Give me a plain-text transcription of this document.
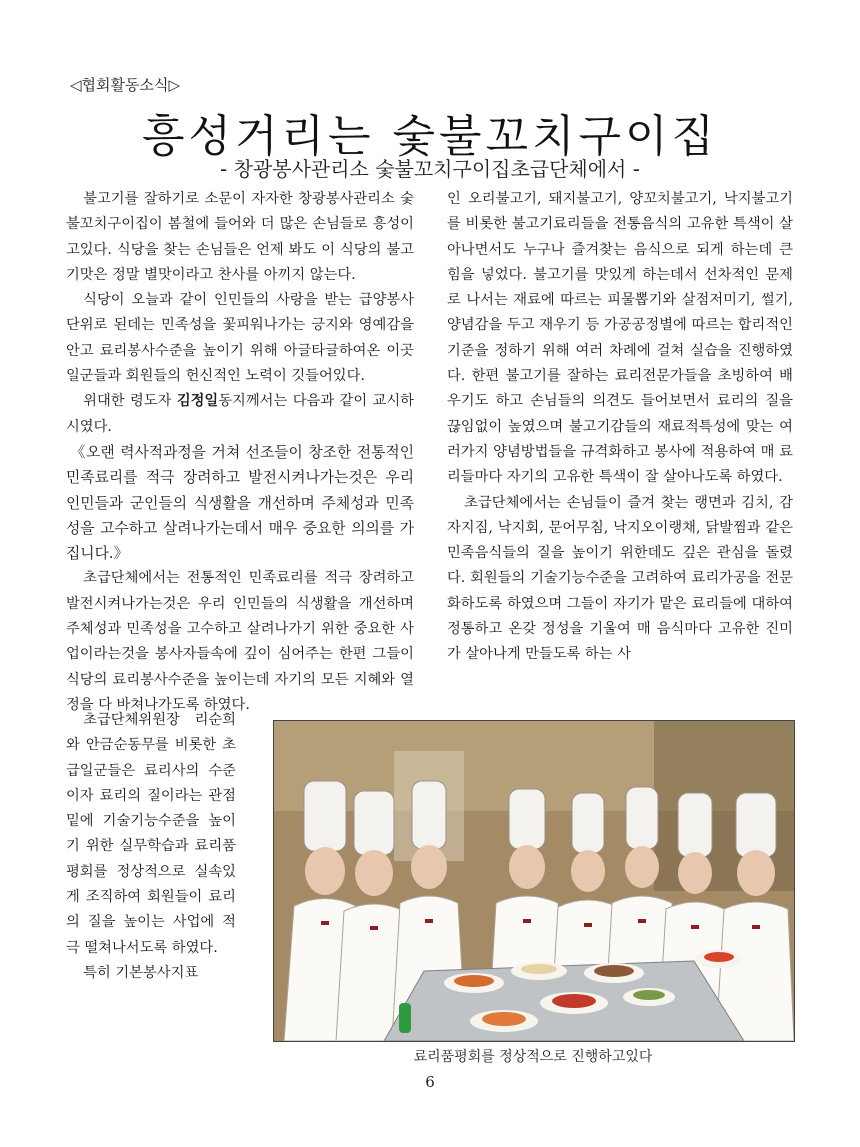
◁협회활동소식▷
흥성거리는 숯불꼬치구이집
- 창광봉사관리소 숯불꼬치구이집초급단체에서 -

불고기를 잘하기로 소문이 자자한 창광봉사관리소 숯불꼬치구이집이 봄철에 들어와 더 많은 손님들로 흥성이고있다. 식당을 찾는 손님들은 언제 봐도 이 식당의 불고기맛은 정말 별맛이라고 찬사를 아끼지 않는다.

식당이 오늘과 같이 인민들의 사랑을 받는 급양봉사단위로 된데는 민족성을 꽃피워나가는 긍지와 영예감을 안고 료리봉사수준을 높이기 위해 아글타글하여온 이곳 일군들과 회원들의 헌신적인 노력이 깃들어있다.

위대한 령도자 김정일동지께서는 다음과 같이 교시하시였다.

《오랜 력사적과정을 거쳐 선조들이 창조한 전통적인 민족료리를 적극 장려하고 발전시켜나가는것은 우리 인민들과 군인들의 식생활을 개선하며 주체성과 민족성을 고수하고 살려나가는데서 매우 중요한 의의를 가집니다.》

초급단체에서는 전통적인 민족료리를 적극 장려하고 발전시켜나가는것은 우리 인민들의 식생활을 개선하며 주체성과 민족성을 고수하고 살려나가기 위한 중요한 사업이라는것을 봉사자들속에 깊이 심어주는 한편 그들이 식당의 료리봉사수준을 높이는데 자기의 모든 지혜와 열정을 다 바쳐나가도록 하였다.

초급단체위원장 리순희와 안금순동무를 비롯한 초급일군들은 료리사의 수준이자 료리의 질이라는 관점밑에 기술기능수준을 높이기 위한 실무학습과 료리품평회를 정상적으로 실속있게 조직하여 회원들이 료리의 질을 높이는 사업에 적극 떨쳐나서도록 하였다.

특히 기본봉사지표

인 오리불고기, 돼지불고기, 양꼬치불고기, 낙지불고기를 비롯한 불고기료리들을 전통음식의 고유한 특색이 살아나면서도 누구나 즐겨찾는 음식으로 되게 하는데 큰 힘을 넣었다. 불고기를 맛있게 하는데서 선차적인 문제로 나서는 재료에 따르는 피물뽑기와 살점저미기, 썰기, 양념감을 두고 재우기 등 가공공정별에 따르는 합리적인 기준을 정하기 위해 여러 차례에 걸쳐 실습을 진행하였다. 한편 불고기를 잘하는 료리전문가들을 초빙하여 배우기도 하고 손님들의 의견도 들어보면서 료리의 질을 끊임없이 높였으며 불고기감들의 재료적특성에 맞는 여러가지 양념방법들을 규격화하고 봉사에 적용하여 매 료리들마다 자기의 고유한 특색이 잘 살아나도록 하였다.

초급단체에서는 손님들이 즐겨 찾는 랭면과 김치, 감자지짐, 낙지회, 문어무침, 낙지오이랭채, 닭발찜과 같은 민족음식들의 질을 높이기 위한데도 깊은 관심을 돌렸다. 회원들의 기술기능수준을 고려하여 료리가공을 전문화하도록 하였으며 그들이 자기가 맡은 료리들에 대하여 정통하고 온갖 정성을 기울여 매 음식마다 고유한 진미가 살아나게 만들도록 하는 사

료리품평회를 정상적으로 진행하고있다
6
